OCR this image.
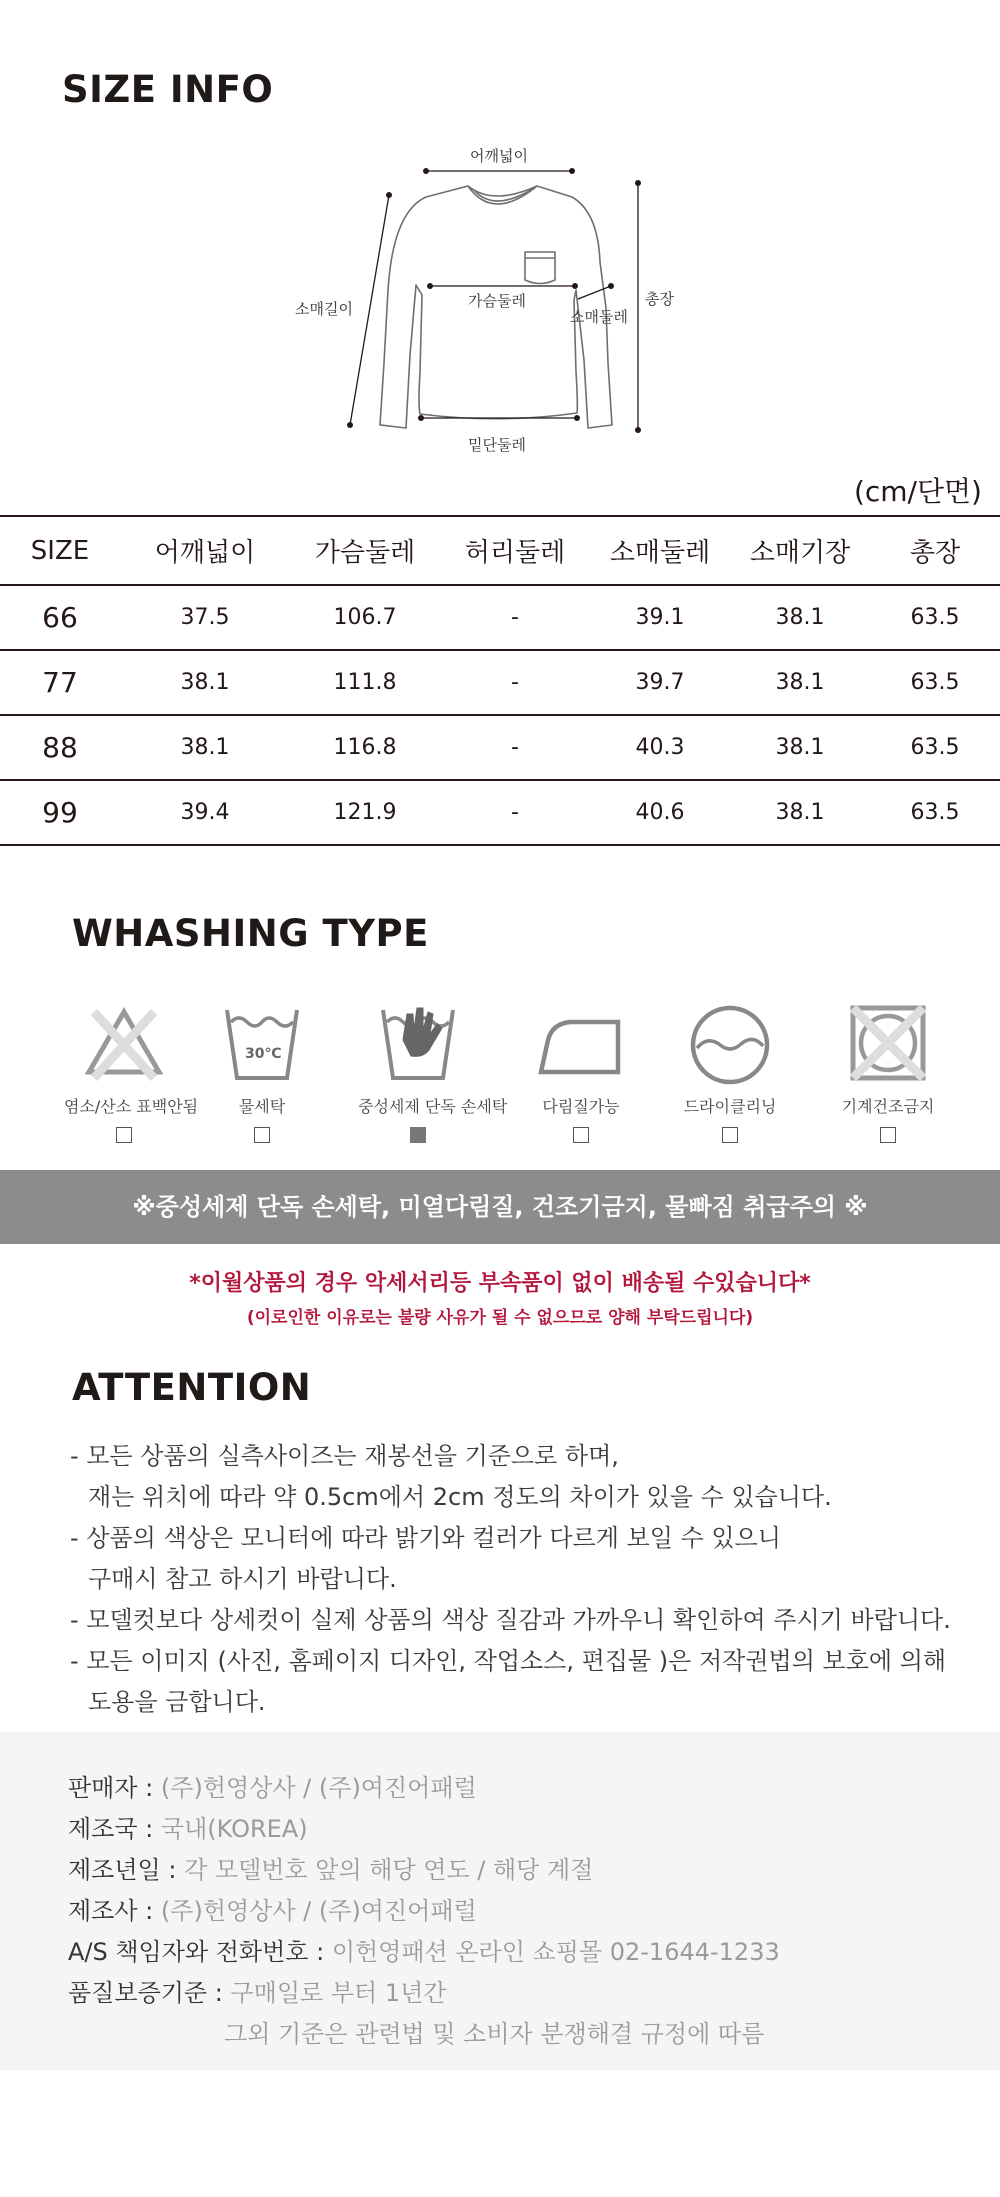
SIZE INFO
어깨넓이
소매길이	가슴둘레
소매둘레
총장
밑단둘레
(cm/단면)
SIZE	어깨넓이	가슴둘레	허리둘레	소매둘레	소매기장	총장
66	37.5	106.7	-	39.1	38.1	63.5
77	38.1	111.8	-	39.7	38.1	63.5
88	38.1	116.8	-	40.3	38.1	63.5
99	39.4	121.9	-	40.6	38.1	63.5
WHASHING TYPE
염소/산소 표백안됨
30℃
물세탁	중성세제 단독 손세탁	다림질가능	드라이클리닝	기계건조금지
※중성세제 단독 손세탁, 미열다림질, 건조기금지, 물빠짐 취급주의 ※
*이월상품의 경우 악세서리등 부속품이 없이 배송될 수있습니다*
(이로인한 이유로는 불량 사유가 될 수 없으므로 양해 부탁드립니다)
ATTENTION
- 모든 상품의 실측사이즈는 재봉선을 기준으로 하며,
재는 위치에 따라 약 0.5cm에서 2cm 정도의 차이가 있을 수 있습니다.
- 상품의 색상은 모니터에 따라 밝기와 컬러가 다르게 보일 수 있으니
구매시 참고 하시기 바랍니다.
- 모델컷보다 상세컷이 실제 상품의 색상 질감과 가까우니 확인하여 주시기 바랍니다.
- 모든 이미지 (사진, 홈페이지 디자인, 작업소스, 편집물 )은 저작권법의 보호에 의해
도용을 금합니다.
판매자 : (주)헌영상사 / (주)여진어패럴
제조국 : 국내(KOREA)
제조년일 : 각 모델번호 앞의 해당 연도 / 해당 계절
제조사 : (주)헌영상사 / (주)여진어패럴
A/S 책임자와 전화번호 : 이헌영패션 온라인 쇼핑몰 02-1644-1233
품질보증기준 : 구매일로 부터 1년간
그외 기준은 관련법 및 소비자 분쟁해결 규정에 따름
